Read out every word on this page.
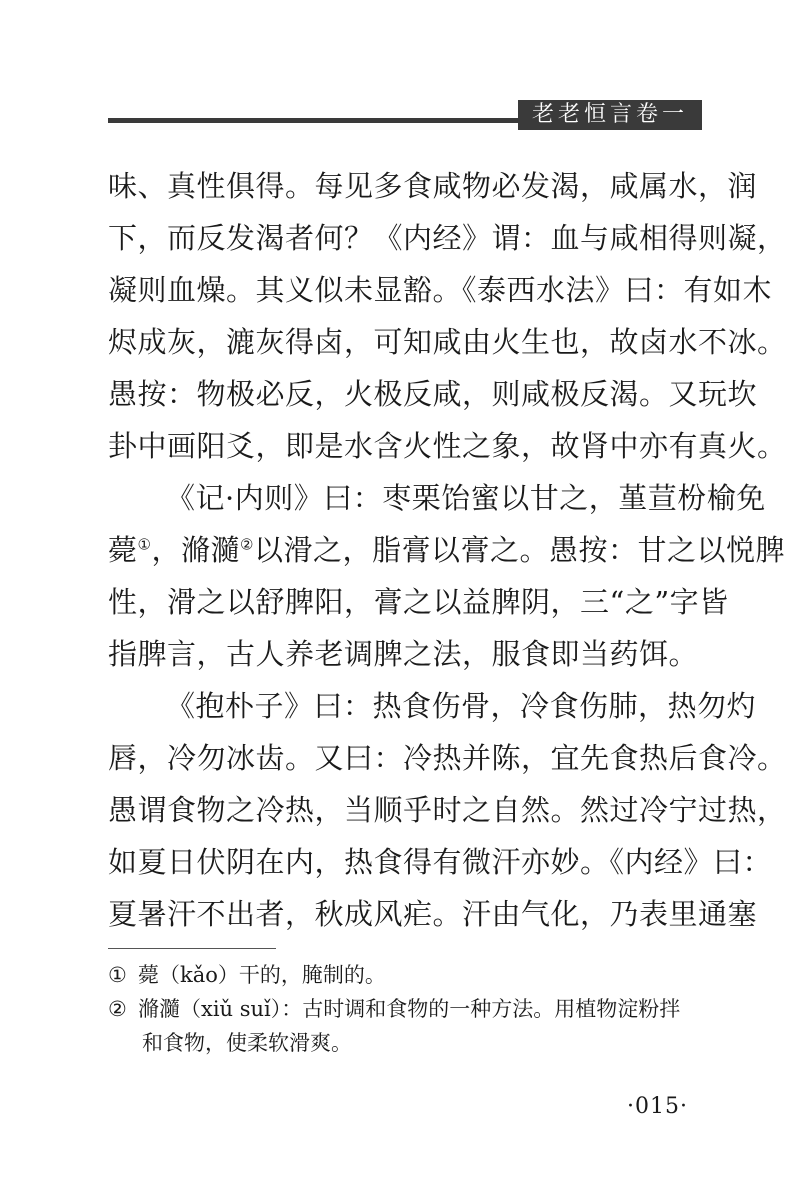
老老恒言卷一
味、真性俱得。每见多食咸物必发渴，咸属水，润
下，而反发渴者何？《内经》谓：血与咸相得则凝，
凝则血燥。其义似未显豁。《泰西水法》曰：有如木
烬成灰，漉灰得卤，可知咸由火生也，故卤水不冰。
愚按：物极必反，火极反咸，则咸极反渴。又玩坎
卦中画阳爻，即是水含火性之象，故肾中亦有真火。
《记·内则》曰：枣栗饴蜜以甘之，堇荁枌榆免
薨①，滫瀡②以滑之，脂膏以膏之。愚按：甘之以悦脾
性，滑之以舒脾阳，膏之以益脾阴，三“之”字皆
指脾言，古人养老调脾之法，服食即当药饵。
《抱朴子》曰：热食伤骨，冷食伤肺，热勿灼
唇，冷勿冰齿。又曰：冷热并陈，宜先食热后食冷。
愚谓食物之冷热，当顺乎时之自然。然过冷宁过热，
如夏日伏阴在内，热食得有微汗亦妙。《内经》曰：
夏暑汗不出者，秋成风疟。汗由气化，乃表里通塞
① 薨（kǎo）干的，腌制的。
② 滫瀡（xiǔ suǐ）：古时调和食物的一种方法。用植物淀粉拌
和食物，使柔软滑爽。
·015·
